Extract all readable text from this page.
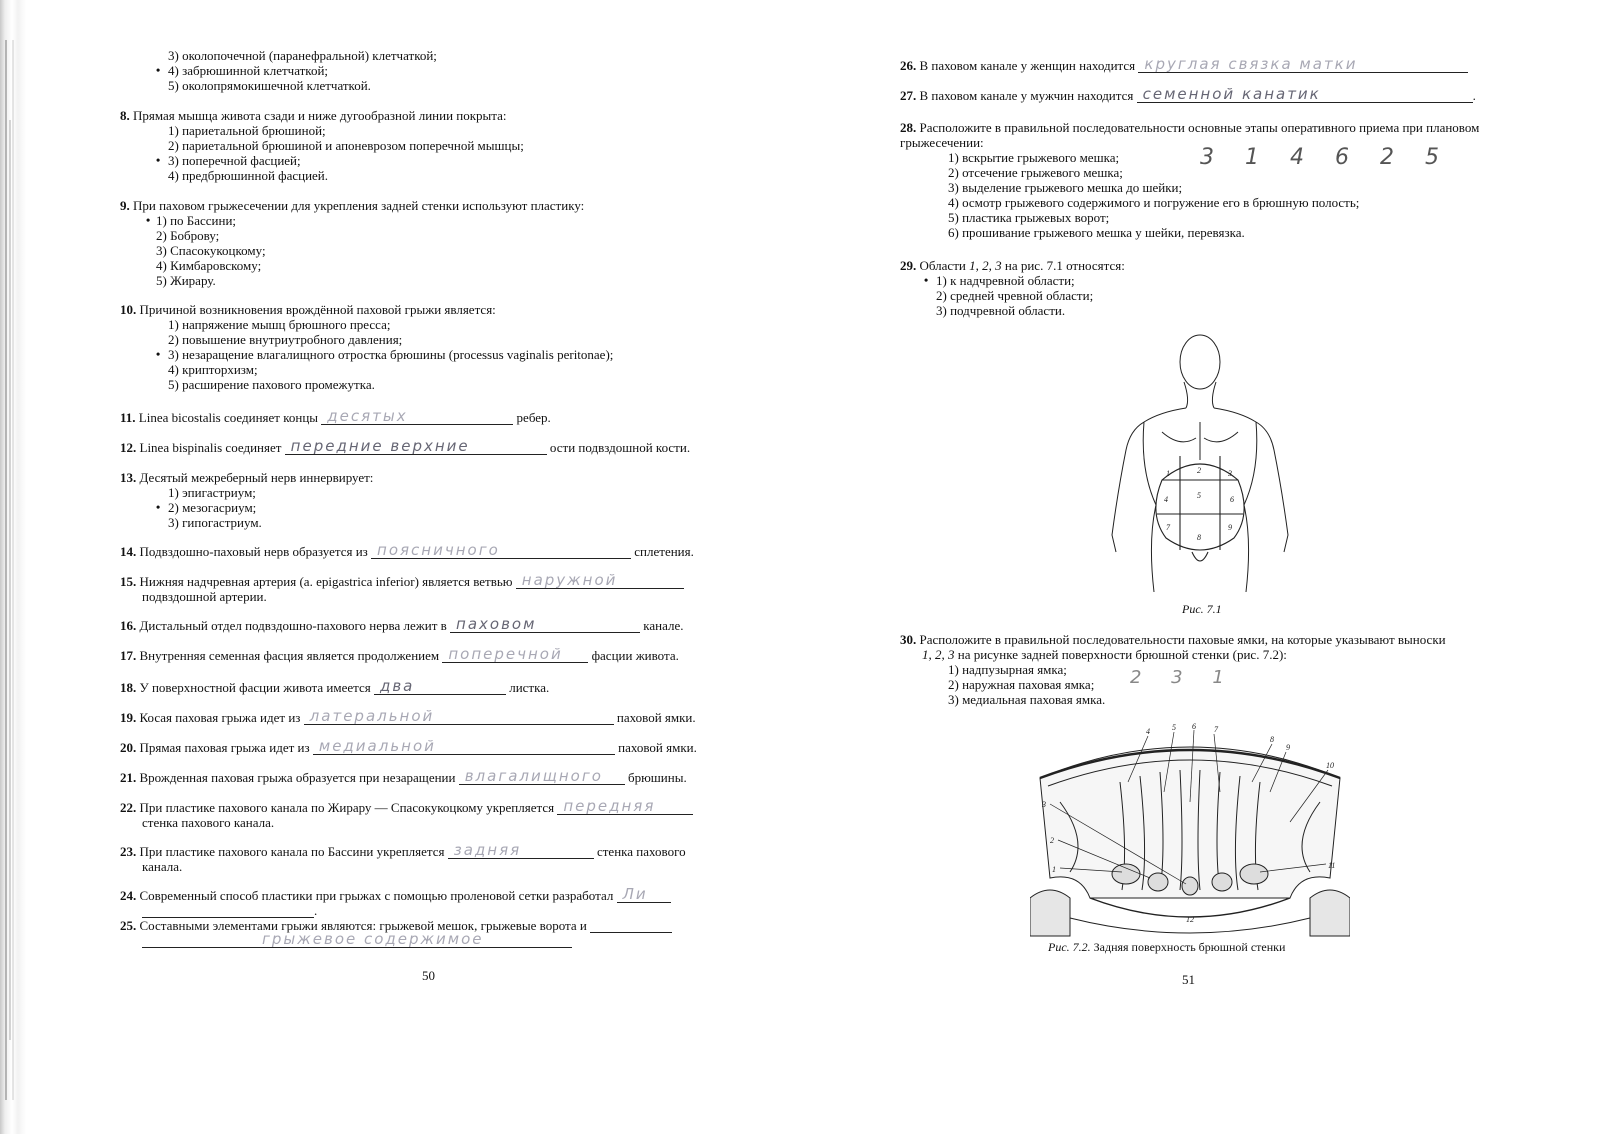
3) околопочечной (паранефральной) клетчаткой;

• 4) забрюшинной клетчаткой;

5) околопрямокишечной клетчаткой.

8. Прямая мышца живота сзади и ниже дугообразной линии покрыта:

1) париетальной брюшиной;

2) париетальной брюшиной и апоневрозом поперечной мышцы;

• 3) поперечной фасцией;

4) предбрюшинной фасцией.

9. При паховом грыжесечении для укрепления задней стенки используют пластику:

• 1) по Бассини;

2) Боброву;

3) Спасокукоцкому;

4) Кимбаровскому;

5) Жирару.

10. Причиной возникновения врождённой паховой грыжи является:

1) напряжение мышц брюшного пресса;

2) повышение внутриутробного давления;

• 3) незаращение влагалищного отростка брюшины (processus vaginalis peritonae);

4) крипторхизм;

5) расширение пахового промежутка.

11. Linea bicostalis соединяет концы десятых	ребер.

12. Linea bispinalis соединяет передние верхние	ости подвздошной кости.

13. Десятый межреберный нерв иннервирует:

1) эпигастриум;

• 2) мезогасриум;

3) гипогастриум.

14. Подвздошно-паховый нерв образуется из поясничного	сплетения.

15. Нижняя надчревная артерия (a. epigastrica inferior) является ветвью наружной

подвздошной артерии.

16. Дистальный отдел подвздошно-пахового нерва лежит в паховом	канале.

17. Внутренняя семенная фасция является продолжением поперечной фасции живота.

18. У поверхностной фасции живота имеется два	листка.

19. Косая паховая грыжа идет из латеральной	паховой ямки.

20. Прямая паховая грыжа идет из медиальной	паховой ямки.

21. Врожденная паховая грыжа образуется при незаращении влагалищного брюшины.

22. При пластике пахового канала по Жирару — Спасокукоцкому укрепляется передняя

стенка пахового канала.

23. При пластике пахового канала по Бассини укрепляется задняя	стенка пахового

канала.

24. Современный способ пластики при грыжах с помощью проленовой сетки разработал Ли

.

25. Составными элементами грыжи являются: грыжевой мешок, грыжевые ворота и

грыжевое содержимое

50

26. В паховом канале у женщин находится круглая связка матки

27. В паховом канале у мужчин находится семенной канатик	.

28. Расположите в правильной последовательности основные этапы оперативного приема при плановом грыжесечении:

1) вскрытие грыжевого мешка;

2) отсечение грыжевого мешка;

3) выделение грыжевого мешка до шейки;

4) осмотр грыжевого содержимого и погружение его в брюшную полость;

5) пластика грыжевых ворот;

6) прошивание грыжевого мешка у шейки, перевязка.

3 1 4 6 2 5

29. Области 1, 2, 3 на рис. 7.1 относятся:

• 1) к надчревной области;

2) средней чревной области;

3) подчревной области.

1	2	3
4	5	6
7
8
9
Рис. 7.1

30. Расположите в правильной последовательности паховые ямки, на которые указывают выноски

1, 2, 3 на рисунке задней поверхности брюшной стенки (рис. 7.2):

1) надпузырная ямка;

2) наружная паховая ямка;

3) медиальная паховая ямка.

2 3 1
1
2
3
4	5 6 7
8
9
10
11
12
Рис. 7.2. Задняя поверхность брюшной стенки
51
